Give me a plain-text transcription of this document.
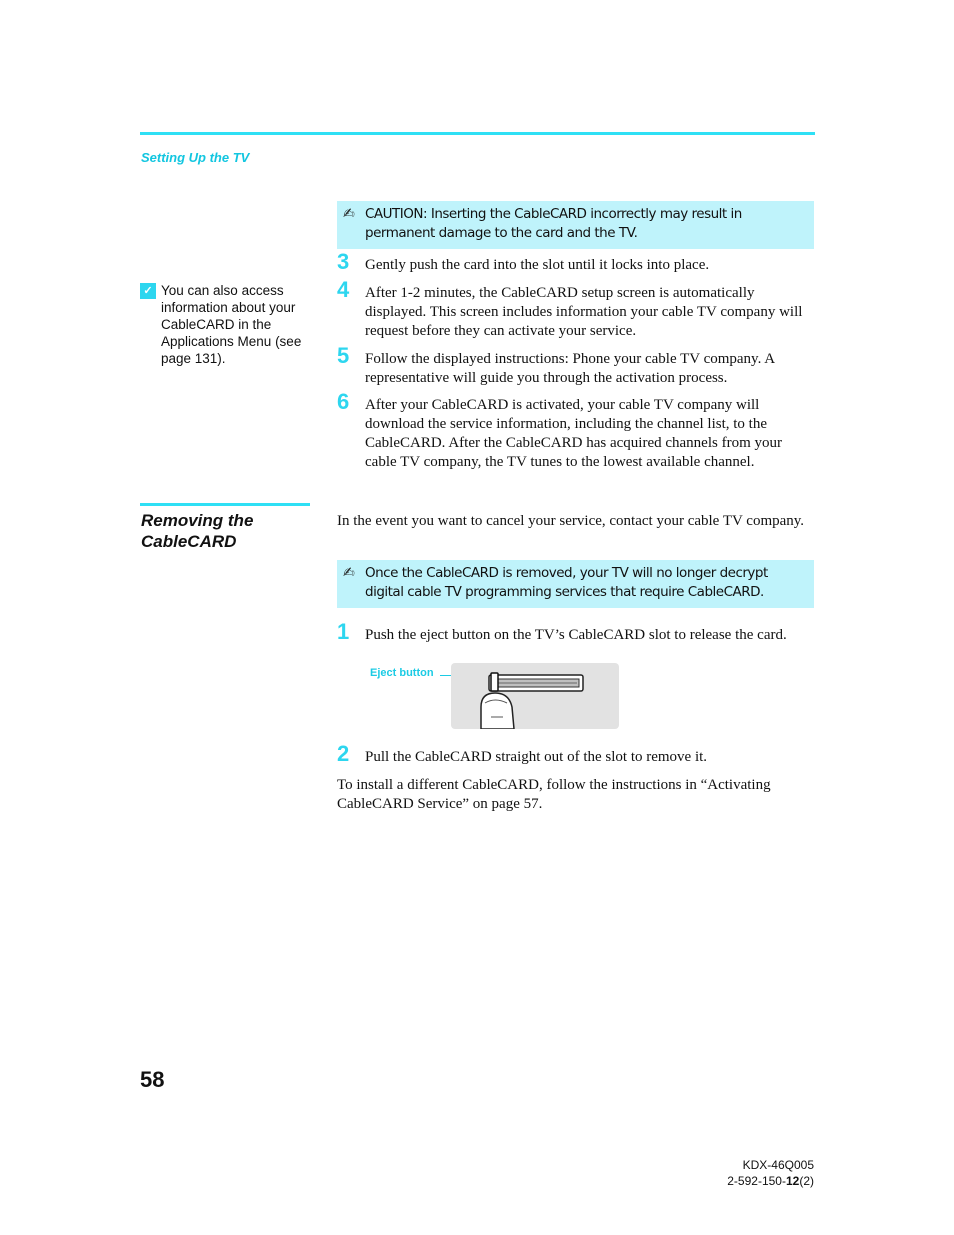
Setting Up the TV
✍ CAUTION: Inserting the CableCARD incorrectly may result in permanent damage to the card and the TV.
✓ You can also access information about your CableCARD in the Applications Menu (see page 131).
3 Gently push the card into the slot until it locks into place.
4 After 1-2 minutes, the CableCARD setup screen is automatically displayed. This screen includes information your cable TV company will request before they can activate your service.
5 Follow the displayed instructions: Phone your cable TV company. A representative will guide you through the activation process.
6 After your CableCARD is activated, your cable TV company will download the service information, including the channel list, to the CableCARD. After the CableCARD has acquired channels from your cable TV company, the TV tunes to the lowest available channel.
Removing the CableCARD
In the event you want to cancel your service, contact your cable TV company.
✍ Once the CableCARD is removed, your TV will no longer decrypt digital cable TV programming services that require CableCARD.
1 Push the eject button on the TV’s CableCARD slot to release the card.
Eject button
2 Pull the CableCARD straight out of the slot to remove it.
To install a different CableCARD, follow the instructions in “Activating CableCARD Service” on page 57.
58
KDX-46Q005
2-592-150-12(2)
